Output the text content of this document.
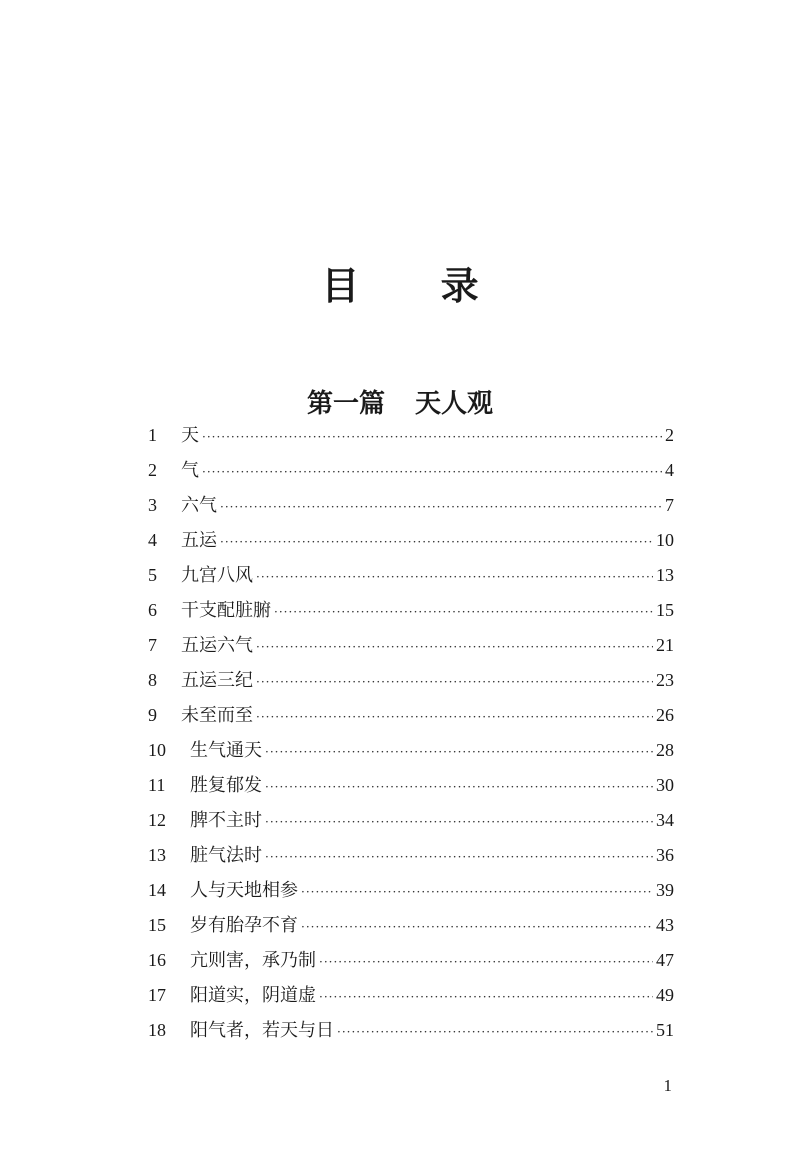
目 录
第一篇 天人观
1	天 ·····	2
2	气 ·····	4
3	六气 ·····	7
4	五运 ·····	10
5	九宫八风 ·····	13
6	干支配脏腑 ·····	15
7	五运六气 ·····	21
8	五运三纪 ·····	23
9	未至而至 ·····	26
10	生气通天 ·····	28
11	胜复郁发 ·····	30
12	脾不主时 ·····	34
13	脏气法时 ·····	36
14	人与天地相参 ·····	39
15	岁有胎孕不育 ·····	43
16	亢则害，承乃制 ·····	47
17	阳道实，阴道虚 ·····	49
18	阳气者，若天与日 ·····	51
1
